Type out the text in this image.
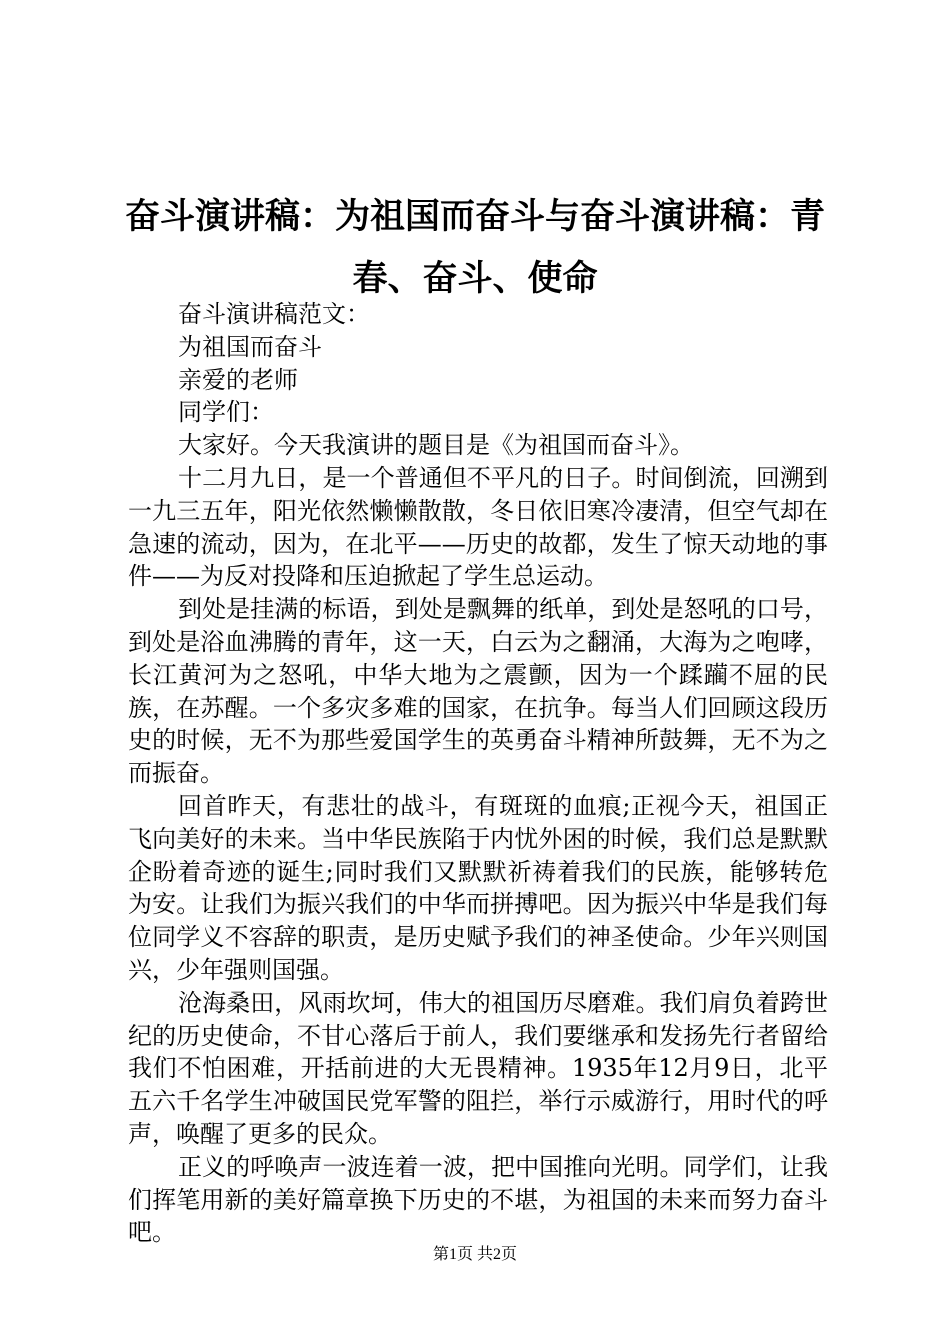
奋斗演讲稿：为祖国而奋斗与奋斗演讲稿：青春、奋斗、使命

奋斗演讲稿范文：

为祖国而奋斗

亲爱的老师

同学们：

大家好。今天我演讲的题目是《为祖国而奋斗》。

十二月九日，是一个普通但不平凡的日子。时间倒流，回溯到一九三五年，阳光依然懒懒散散，冬日依旧寒冷凄清，但空气却在急速的流动，因为，在北平——历史的故都，发生了惊天动地的事件——为反对投降和压迫掀起了学生总运动。

到处是挂满的标语，到处是飘舞的纸单，到处是怒吼的口号，到处是浴血沸腾的青年，这一天，白云为之翻涌，大海为之咆哮，长江黄河为之怒吼，中华大地为之震颤，因为一个蹂躏不屈的民族，在苏醒。一个多灾多难的国家，在抗争。每当人们回顾这段历史的时候，无不为那些爱国学生的英勇奋斗精神所鼓舞，无不为之而振奋。

回首昨天，有悲壮的战斗，有斑斑的血痕;正视今天，祖国正飞向美好的未来。当中华民族陷于内忧外困的时候，我们总是默默企盼着奇迹的诞生;同时我们又默默祈祷着我们的民族，能够转危为安。让我们为振兴我们的中华而拼搏吧。因为振兴中华是我们每位同学义不容辞的职责，是历史赋予我们的神圣使命。少年兴则国兴，少年强则国强。

沧海桑田，风雨坎坷，伟大的祖国历尽磨难。我们肩负着跨世纪的历史使命，不甘心落后于前人，我们要继承和发扬先行者留给我们不怕困难，开括前进的大无畏精神。1935年12月9日，北平五六千名学生冲破国民党军警的阻拦，举行示威游行，用时代的呼声，唤醒了更多的民众。

正义的呼唤声一波连着一波，把中国推向光明。同学们，让我们挥笔用新的美好篇章换下历史的不堪，为祖国的未来而努力奋斗吧。

第1页 共2页
